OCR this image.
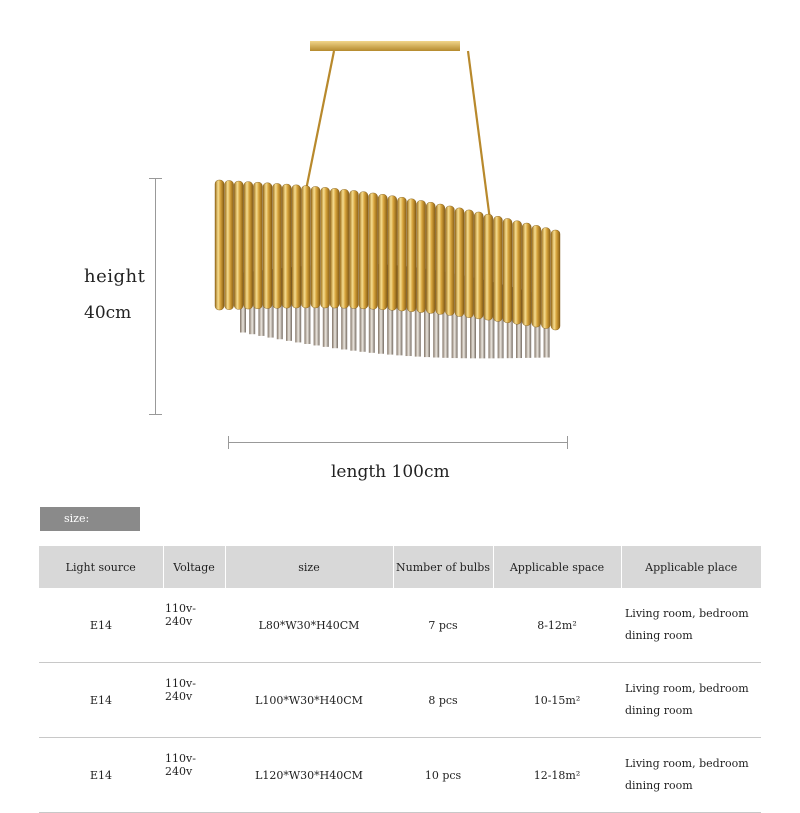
height
40cm
length 100cm
size:
Light source	Voltage	size	Number of bulbs	Applicable space	Applicable place
E14	110v-240v	L80*W30*H40CM	7 pcs	8-12m²	Living room, bedroom
dining room

E14	110v-240v	L100*W30*H40CM	8 pcs	10-15m²	Living room, bedroom
dining room

E14	110v-240v	L120*W30*H40CM	10 pcs	12-18m²	Living room, bedroom
dining room
